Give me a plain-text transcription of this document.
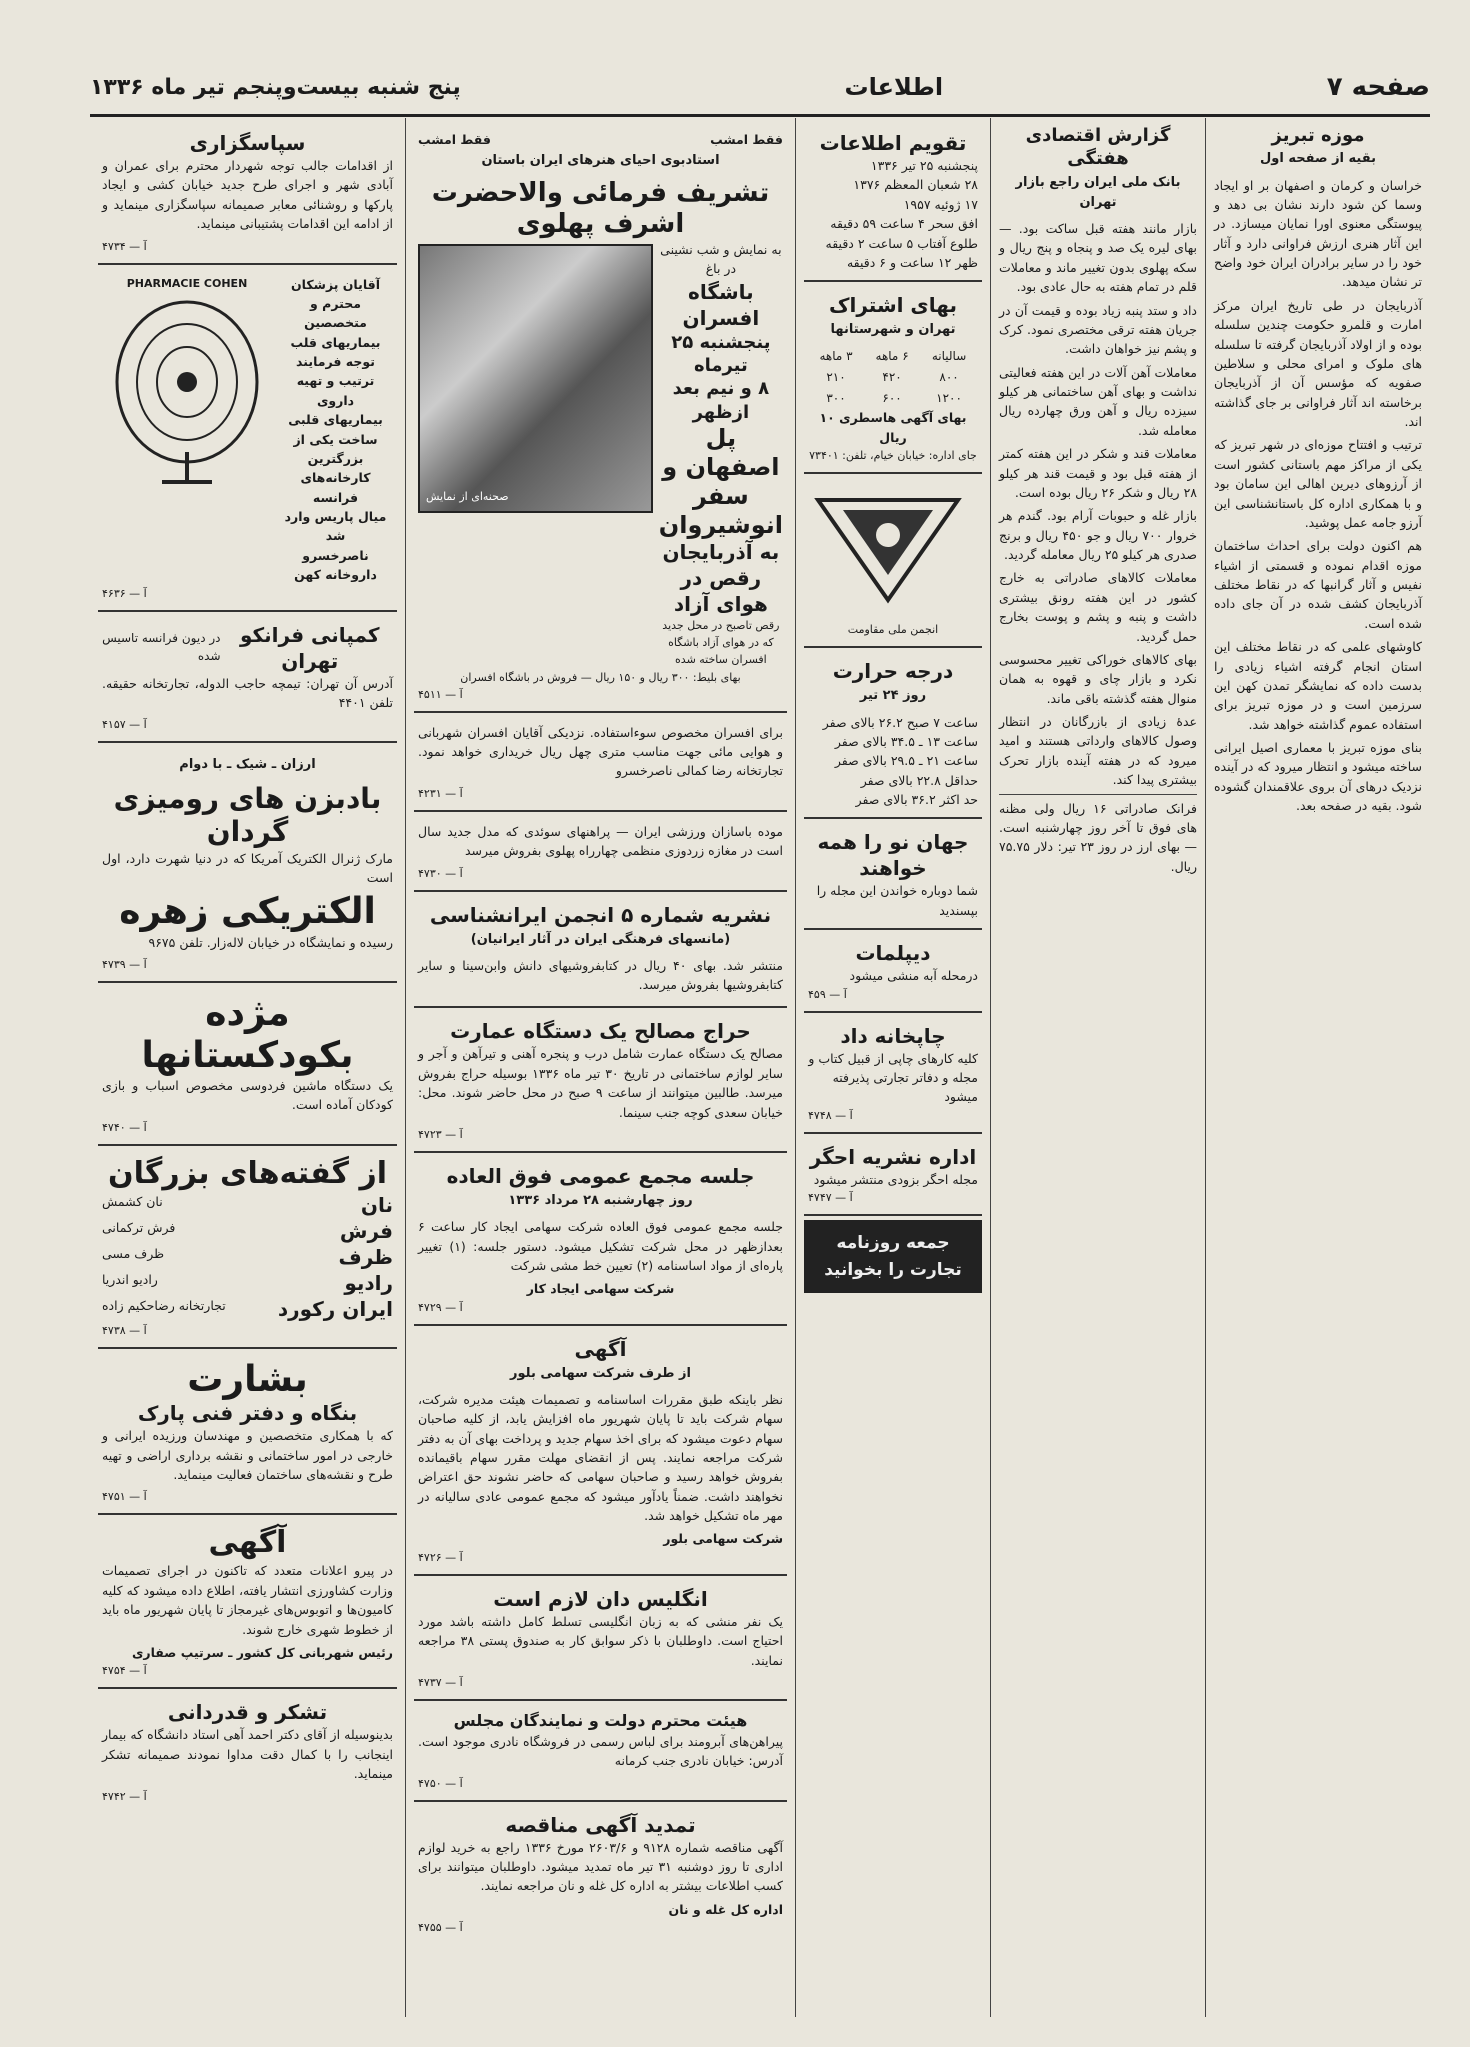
صفحه ۷
اطلاعات
پنج شنبه بیست‌وپنجم تیر ماه ۱۳۳۶
موزه تبریز
بقیه از صفحه اول

خراسان و کرمان و اصفهان بر او ایجاد وسما کن شود دارند نشان بی دهد و پیوستگی معنوی اورا نمایان میسازد. در این آثار هنری ارزش فراوانی دارد و آثار خود را در سایر برادران ایران خود واضح تر نشان میدهد.

آذربایجان در طی تاریخ ایران مرکز امارت و قلمرو حکومت چندین سلسله بوده و از اولاد آذربایجان گرفته تا سلسله های ملوک و امرای محلی و سلاطین صفویه که مؤسس آن از آذربایجان برخاسته اند آثار فراوانی بر جای گذاشته اند.

ترتیب و افتتاح موزه‌ای در شهر تبریز که یکی از مراکز مهم باستانی کشور است از آرزوهای دیرین اهالی این سامان بود و با همکاری اداره کل باستانشناسی این آرزو جامه عمل پوشید.

هم اکنون دولت برای احداث ساختمان موزه اقدام نموده و قسمتی از اشیاء نفیس و آثار گرانبها که در نقاط مختلف آذربایجان کشف شده در آن جای داده شده است.

کاوشهای علمی که در نقاط مختلف این استان انجام گرفته اشیاء زیادی را بدست داده که نمایشگر تمدن کهن این سرزمین است و در موزه تبریز برای استفاده عموم گذاشته خواهد شد.

بنای موزه تبریز با معماری اصیل ایرانی ساخته میشود و انتظار میرود که در آینده نزدیک درهای آن بروی علاقمندان گشوده شود. بقیه در صفحه بعد.

گزارش اقتصادی هفتگی
بانک ملی ایران راجع بازار تهران

بازار مانند هفته قبل ساکت بود. — بهای لیره یک صد و پنجاه و پنج ریال و سکه پهلوی بدون تغییر ماند و معاملات قلم در تمام هفته به حال عادی بود.

داد و ستد پنبه زیاد بوده و قیمت آن در جریان هفته ترقی مختصری نمود. کرک و پشم نیز خواهان داشت.

معاملات آهن آلات در این هفته فعالیتی نداشت و بهای آهن ساختمانی هر کیلو سیزده ریال و آهن ورق چهارده ریال معامله شد.

معاملات قند و شکر در این هفته کمتر از هفته قبل بود و قیمت قند هر کیلو ۲۸ ریال و شکر ۲۶ ریال بوده است.

بازار غله و حبوبات آرام بود. گندم هر خروار ۷۰۰ ریال و جو ۴۵۰ ریال و برنج صدری هر کیلو ۲۵ ریال معامله گردید.

معاملات کالاهای صادراتی به خارج کشور در این هفته رونق بیشتری داشت و پنبه و پشم و پوست بخارج حمل گردید.

بهای کالاهای خوراکی تغییر محسوسی نکرد و بازار چای و قهوه به همان منوال هفته گذشته باقی ماند.

عدهٔ زیادی از بازرگانان در انتظار وصول کالاهای وارداتی هستند و امید میرود که در هفته آینده بازار تحرک بیشتری پیدا کند.

فرانک صادراتی ۱۶ ریال ولی مظنه های فوق تا آخر روز چهارشنبه است. — بهای ارز در روز ۲۳ تیر: دلار ۷۵.۷۵ ریال.

تقویم اطلاعات
پنجشنبه ۲۵ تیر ۱۳۳۶
۲۸ شعبان المعظم ۱۳۷۶
۱۷ ژوئیه ۱۹۵۷
افق سحر ۴ ساعت ۵۹ دقیقه
طلوع آفتاب ۵ ساعت ۲ دقیقه
ظهر ۱۲ ساعت و ۶ دقیقه
بهای اشتراک
تهران و شهرستانها
سالیانه	۶ ماهه	۳ ماهه
۸۰۰	۴۲۰	۲۱۰
۱۲۰۰	۶۰۰	۳۰۰
بهای آگهی هاسطری ۱۰ ریال
جای اداره: خیابان خیام، تلفن: ۷۳۴۰۱
انجمن ملی مقاومت
درجه حرارت
روز ۲۴ تیر
ساعت ۷ صبح ۲۶.۲ بالای صفر
ساعت ۱۳ ـ ۳۴.۵ بالای صفر
ساعت ۲۱ ـ ۲۹.۵ بالای صفر
حداقل ۲۲.۸ بالای صفر
حد اکثر ۳۶.۲ بالای صفر
جهان نو را همه خواهند
شما دوباره خواندن این مجله را بپسندید
دیپلمات
درمحله آبه منشی میشود
آ — ۴۵۹
چاپخانه داد
کلیه کارهای چاپی از قبیل کتاب و مجله و دفاتر تجارتی پذیرفته میشود
آ — ۴۷۴۸
اداره نشریه احگر
مجله احگر بزودی منتشر میشود
آ — ۴۷۴۷
جمعه روزنامه تجارت را بخوانید
فقط امشب
فقط امشب
استادبوی احیای هنرهای ایران باستان
تشریف فرمائی والاحضرت اشرف پهلوی
به نمایش و شب نشینی در باغ
باشگاه افسران
پنجشنبه ۲۵ تیرماه
۸ و نیم بعد ازظهر
پل اصفهان و
سفر انوشیروان
به آذربایجان
رقص در هوای آزاد
رقص تاصبح در محل جدید که در هوای آزاد باشگاه افسران ساخته شده
صحنه‌ای از نمایش
بهای بلیط: ۳۰۰ ریال و ۱۵۰ ریال — فروش در باشگاه افسران
آ — ۴۵۱۱

برای افسران مخصوص سوءاستفاده. نزدیکی آقایان افسران شهربانی و هوایی مائی جهت مناسب متری چهل ریال خریداری خواهد نمود. تجارتخانه رضا کمالی ناصرخسرو

آ — ۴۲۳۱

موده باسازان ورزشی ایران — پراهنهای سوئدی که مدل جدید سال است در مغازه زردوزی منظمی چهارراه پهلوی بفروش میرسد

آ — ۴۷۳۰
نشریه شماره ۵ انجمن ایرانشناسی
(مانسهای فرهنگی ایران در آثار ایرانیان)

منتشر شد. بهای ۴۰ ریال در کتابفروشیهای دانش وابن‌سینا و سایر کتابفروشیها بفروش میرسد.

حراج مصالح یک دستگاه عمارت

مصالح یک دستگاه عمارت شامل درب و پنجره آهنی و تیرآهن و آجر و سایر لوازم ساختمانی در تاریخ ۳۰ تیر ماه ۱۳۳۶ بوسیله حراج بفروش میرسد. طالبین میتوانند از ساعت ۹ صبح در محل حاضر شوند. محل: خیابان سعدی کوچه جنب سینما.

آ — ۴۷۲۳
جلسه مجمع عمومی فوق العاده
روز چهارشنبه ۲۸ مرداد ۱۳۳۶

جلسه مجمع عمومی فوق العاده شرکت سهامی ایجاد کار ساعت ۶ بعدازظهر در محل شرکت تشکیل میشود. دستور جلسه: (۱) تغییر پاره‌ای از مواد اساسنامه (۲) تعیین خط مشی شرکت

شرکت سهامی ایجاد کار
آ — ۴۷۲۹
آگهی
از طرف شرکت سهامی بلور

نظر باینکه طبق مقررات اساسنامه و تصمیمات هیئت مدیره شرکت، سهام شرکت باید تا پایان شهریور ماه افزایش یابد، از کلیه صاحبان سهام دعوت میشود که برای اخذ سهام جدید و پرداخت بهای آن به دفتر شرکت مراجعه نمایند. پس از انقضای مهلت مقرر سهام باقیمانده بفروش خواهد رسید و صاحبان سهامی که حاضر نشوند حق اعتراض نخواهند داشت. ضمناً یادآور میشود که مجمع عمومی عادی سالیانه در مهر ماه تشکیل خواهد شد.

شرکت سهامی بلور
آ — ۴۷۲۶
انگلیس دان لازم است

یک نفر منشی که به زبان انگلیسی تسلط کامل داشته باشد مورد احتیاج است. داوطلبان با ذکر سوابق کار به صندوق پستی ۳۸ مراجعه نمایند.

آ — ۴۷۳۷
هیئت محترم دولت و نمایندگان مجلس

پیراهن‌های آبرومند برای لباس رسمی در فروشگاه نادری موجود است. آدرس: خیابان نادری جنب کرمانه

آ — ۴۷۵۰
تمدید آگهی مناقصه

آگهی مناقصه شماره ۹۱۲۸ و ۲۶۰۳/۶ مورخ ۱۳۳۶ راجع به خرید لوازم اداری تا روز دوشنبه ۳۱ تیر ماه تمدید میشود. داوطلبان میتوانند برای کسب اطلاعات بیشتر به اداره کل غله و نان مراجعه نمایند.

اداره کل غله و نان
آ — ۴۷۵۵
سپاسگزاری

از اقدامات جالب توجه شهردار محترم برای عمران و آبادی شهر و اجرای طرح جدید خیابان کشی و ایجاد پارکها و روشنائی معابر صمیمانه سپاسگزاری مینماید و از ادامه این اقدامات پشتیبانی مینماید.

آ — ۴۷۳۴
آقایان پزشکان محترم و
متخصصین بیماریهای قلب
توجه فرمایند
ترتیب و تهیه داروی
بیماریهای قلبی
ساخت یکی از بزرگترین
کارخانه‌های فرانسه
میال پاریس وارد شد
ناصرخسرو داروخانه کهن
PHARMACIE COHEN
آ — ۴۶۳۶
کمپانی فرانکو تهران
در دیون فرانسه تاسیس شده

آدرس آن تهران: تیمچه حاجب الدوله، تجارتخانه حقیقه. تلفن ۴۴۰۱

آ — ۴۱۵۷
ارزان ـ شیک ـ با دوام
بادبزن های رومیزی گردان

مارک ژنرال الکتریک آمریکا که در دنیا شهرت دارد، اول است

الکتریکی زهره

رسیده و نمایشگاه در خیابان لاله‌زار. تلفن ۹۶۷۵

آ — ۴۷۳۹
مژده بکودکستانها

یک دستگاه ماشین فردوسی مخصوص اسباب و بازی کودکان آماده است.

آ — ۴۷۴۰
از گفته‌های بزرگان
نان
نان کشمش
فرش
فرش ترکمانی
ظرف
ظرف مسی
رادیو
رادیو اندریا
ایران رکورد
تجارتخانه رضاحکیم زاده
آ — ۴۷۳۸
بشارت
بنگاه و دفتر فنی پارک

که با همکاری متخصصین و مهندسان ورزیده ایرانی و خارجی در امور ساختمانی و نقشه برداری اراضی و تهیه طرح و نقشه‌های ساختمان فعالیت مینماید.

آ — ۴۷۵۱
آگهی

در پیرو اعلانات متعدد که تاکنون در اجرای تصمیمات وزارت کشاورزی انتشار یافته، اطلاع داده میشود که کلیه کامیون‌ها و اتوبوس‌های غیرمجاز تا پایان شهریور ماه باید از خطوط شهری خارج شوند.

رئیس شهربانی کل کشور ـ سرتیپ صفاری
آ — ۴۷۵۴
تشکر و قدردانی

بدینوسیله از آقای دکتر احمد آهی استاد دانشگاه که بیمار اینجانب را با کمال دقت مداوا نمودند صمیمانه تشکر مینماید.

آ — ۴۷۴۲
